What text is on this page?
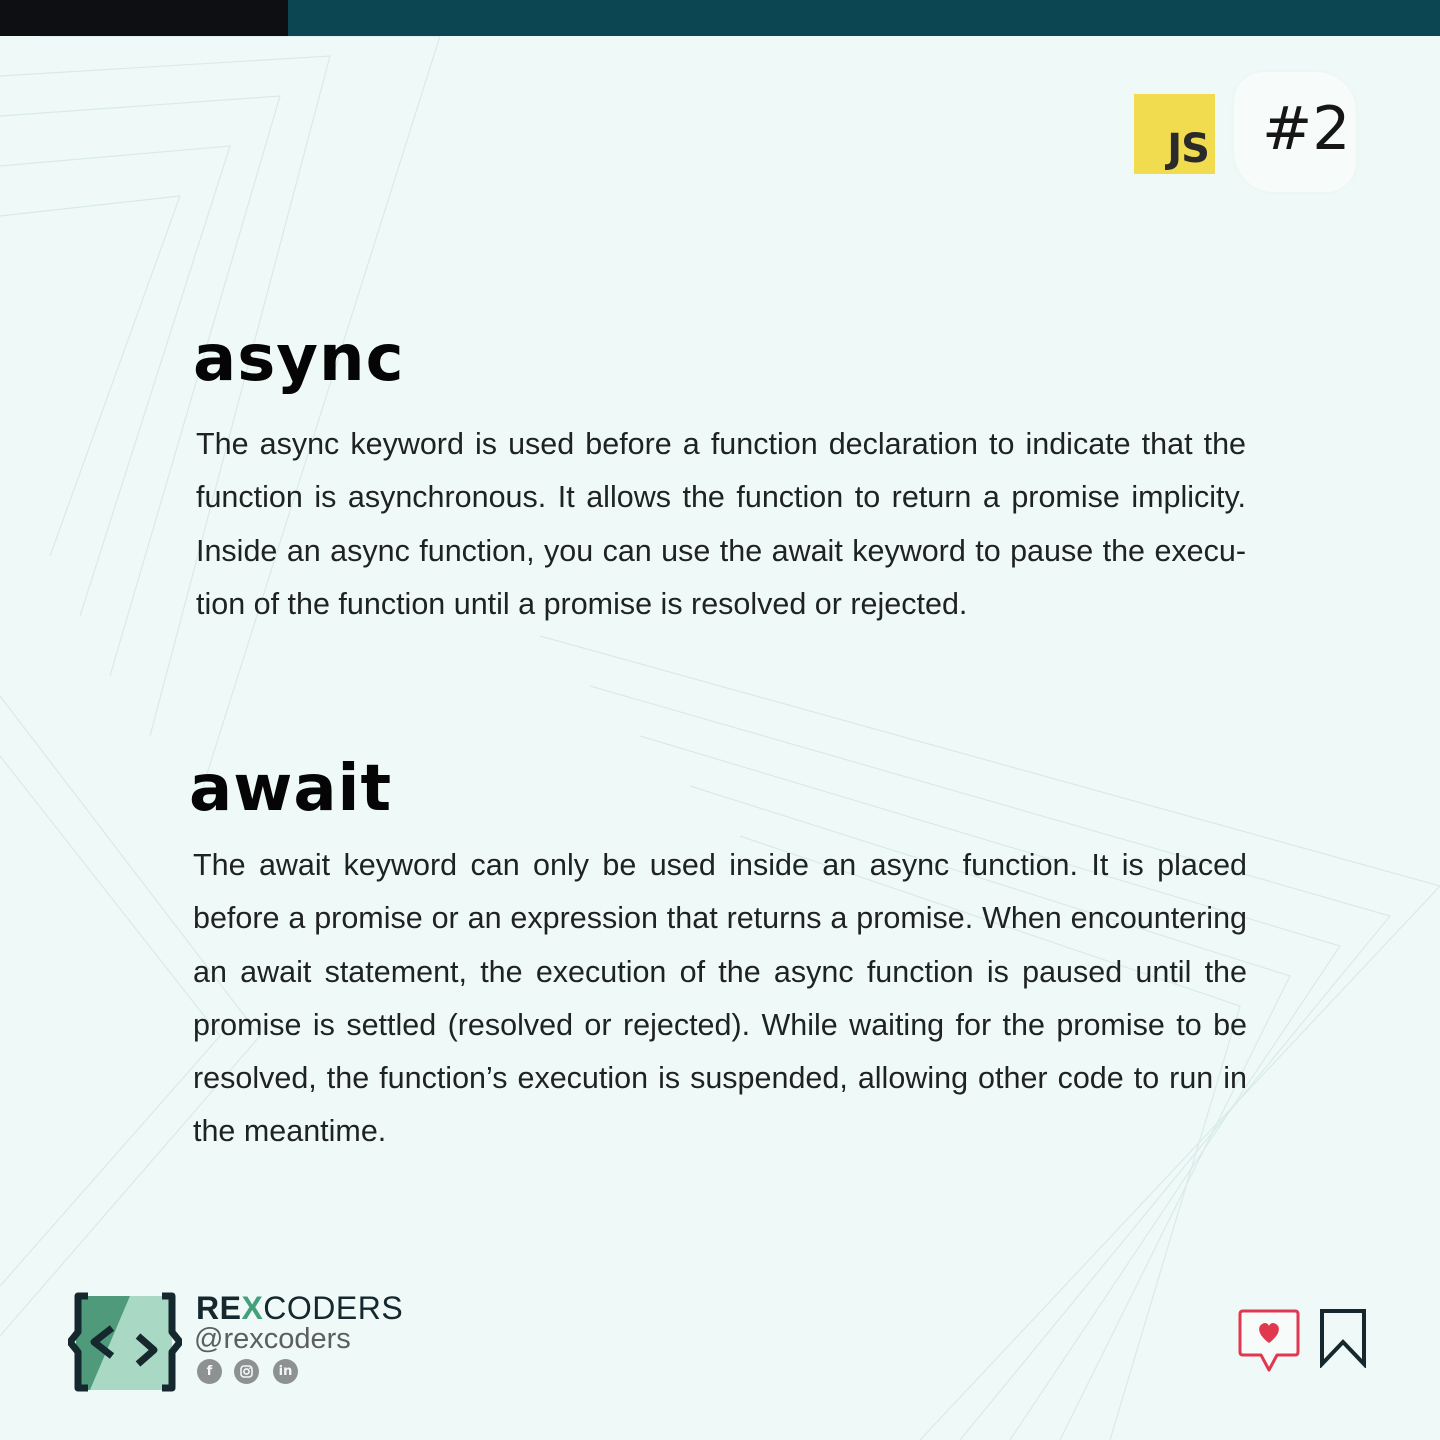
JS #2
async

The async keyword is used before a function declaration to indicate that the function is asynchronous. It allows the function to return a promise implicity. Inside an async function, you can use the await keyword to pause the execution of the function until a promise is resolved or rejected.

await

The await keyword can only be used inside an async function. It is placed before a promise or an expression that returns a promise. When encountering an await statement, the execution of the async function is paused until the promise is settled (resolved or rejected). While waiting for the promise to be resolved, the function’s execution is suspended, allowing other code to run in the meantime.

REXCODERS
@rexcoders
f	in
